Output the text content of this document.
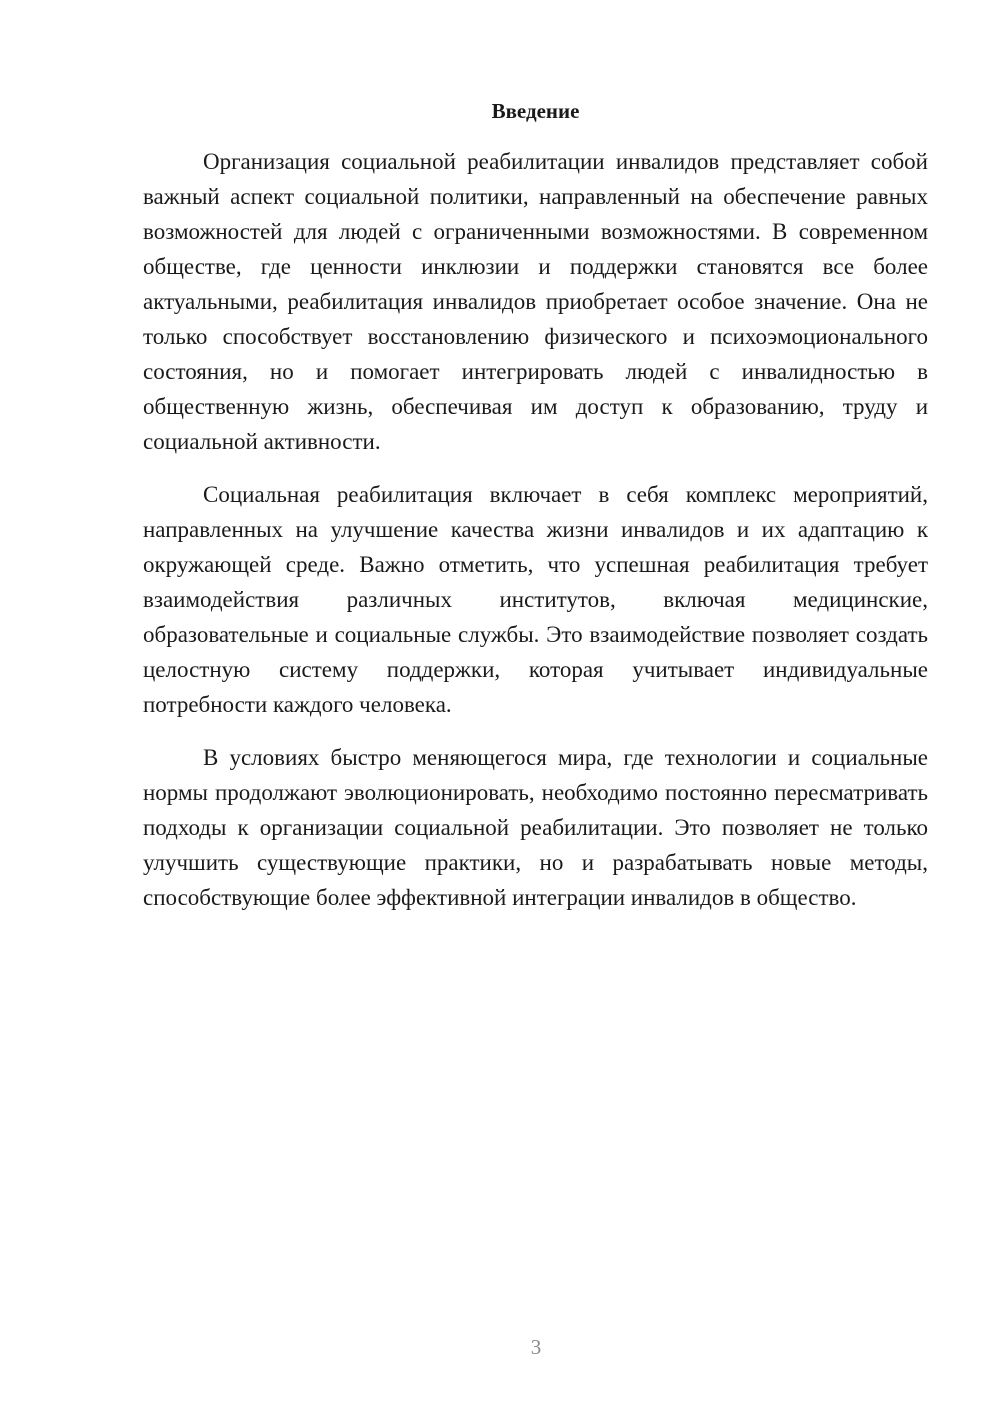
Введение

Организация социальной реабилитации инвалидов представляет собой важный аспект социальной политики, направленный на обеспечение равных возможностей для людей с ограниченными возможностями. В современном обществе, где ценности инклюзии и поддержки становятся все более актуальными, реабилитация инвалидов приобретает особое значение. Она не только способствует восстановлению физического и психоэмоционального состояния, но и помогает интегрировать людей с инвалидностью в общественную жизнь, обеспечивая им доступ к образованию, труду и социальной активности.

Социальная реабилитация включает в себя комплекс мероприятий, направленных на улучшение качества жизни инвалидов и их адаптацию к окружающей среде. Важно отметить, что успешная реабилитация требует взаимодействия различных институтов, включая медицинские, образовательные и социальные службы. Это взаимодействие позволяет создать целостную систему поддержки, которая учитывает индивидуальные потребности каждого человека.

В условиях быстро меняющегося мира, где технологии и социальные нормы продолжают эволюционировать, необходимо постоянно пересматривать подходы к организации социальной реабилитации. Это позволяет не только улучшить существующие практики, но и разрабатывать новые методы, способствующие более эффективной интеграции инвалидов в общество.

3
